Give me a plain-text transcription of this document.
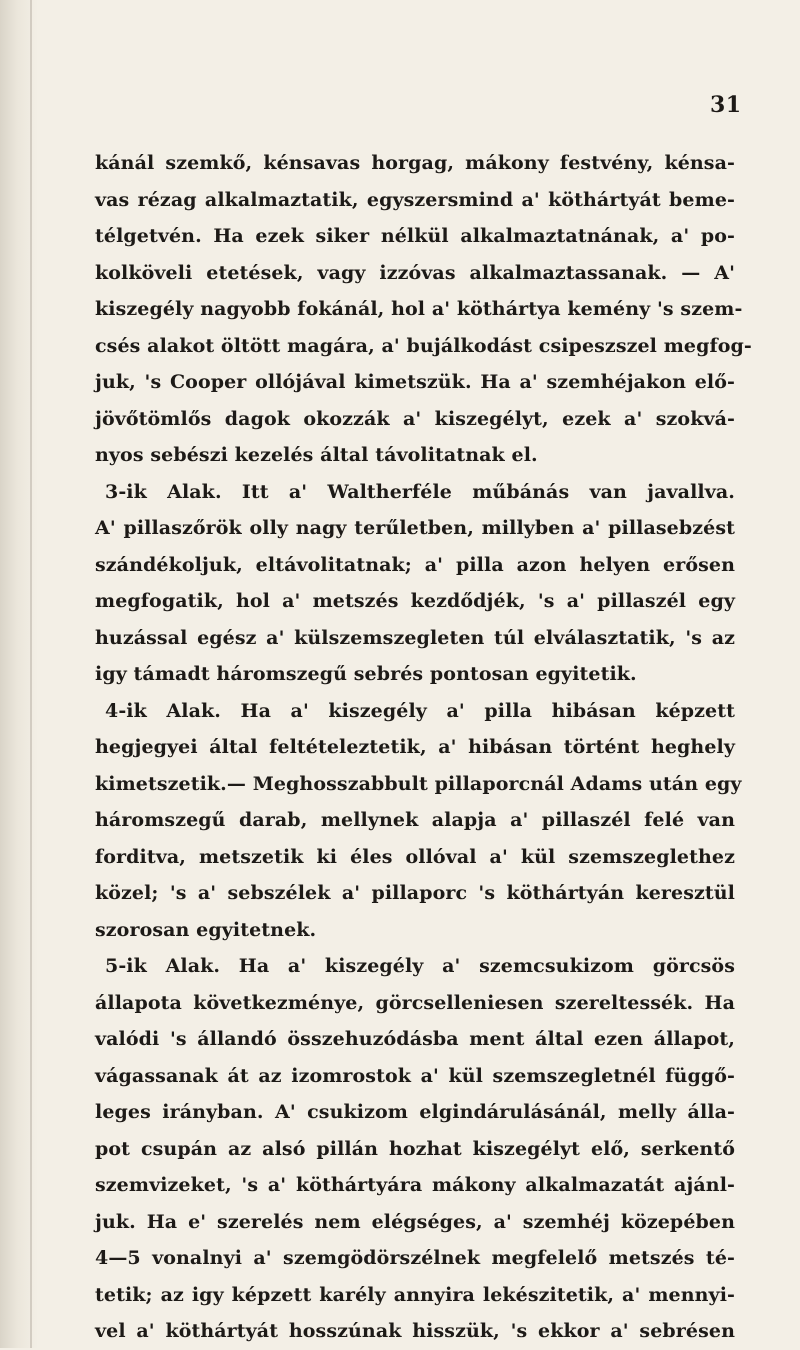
31
kánál szemkő, kénsavas horgag, mákony festvény, kénsa-
vas rézag alkalmaztatik, egyszersmind a' köthártyát beme-
télgetvén. Ha ezek siker nélkül alkalmaztatnának, a' po-
kolköveli etetések, vagy izzóvas alkalmaztassanak. — A'
kiszegély nagyobb fokánál, hol a' köthártya kemény 's szem-
csés alakot öltött magára, a' bujálkodást csipeszszel megfog-
juk, 's Cooper ollójával kimetszük. Ha a' szemhéjakon elő-
jövőtömlős dagok okozzák a' kiszegélyt, ezek a' szokvá-
nyos sebészi kezelés által távolitatnak el.
3-ik Alak. Itt a' Waltherféle műbánás van javallva.
A' pillaszőrök olly nagy terűletben, millyben a' pillasebzést
szándékoljuk, eltávolitatnak; a' pilla azon helyen erősen
megfogatik, hol a' metszés kezdődjék, 's a' pillaszél egy
huzással egész a' külszemszegleten túl elválasztatik, 's az
igy támadt háromszegű sebrés pontosan egyitetik.
4-ik Alak. Ha a' kiszegély a' pilla hibásan képzett
hegjegyei által feltételeztetik, a' hibásan történt heghely
kimetszetik.— Meghosszabbult pillaporcnál Adams után egy
háromszegű darab, mellynek alapja a' pillaszél felé van
forditva, metszetik ki éles ollóval a' kül szemszeglethez
közel; 's a' sebszélek a' pillaporc 's köthártyán keresztül
szorosan egyitetnek.
5-ik Alak. Ha a' kiszegély a' szemcsukizom görcsös
állapota következménye, görcselleniesen szereltessék. Ha
valódi 's állandó összehuzódásba ment által ezen állapot,
vágassanak át az izomrostok a' kül szemszegletnél függő-
leges irányban. A' csukizom elgindárulásánál, melly álla-
pot csupán az alsó pillán hozhat kiszegélyt elő, serkentő
szemvizeket, 's a' köthártyára mákony alkalmazatát ajánl-
juk. Ha e' szerelés nem elégséges, a' szemhéj közepében
4—5 vonalnyi a' szemgödörszélnek megfelelő metszés té-
tetik; az igy képzett karély annyira lekészitetik, a' mennyi-
vel a' köthártyát hosszúnak hisszük, 's ekkor a' sebrésen
